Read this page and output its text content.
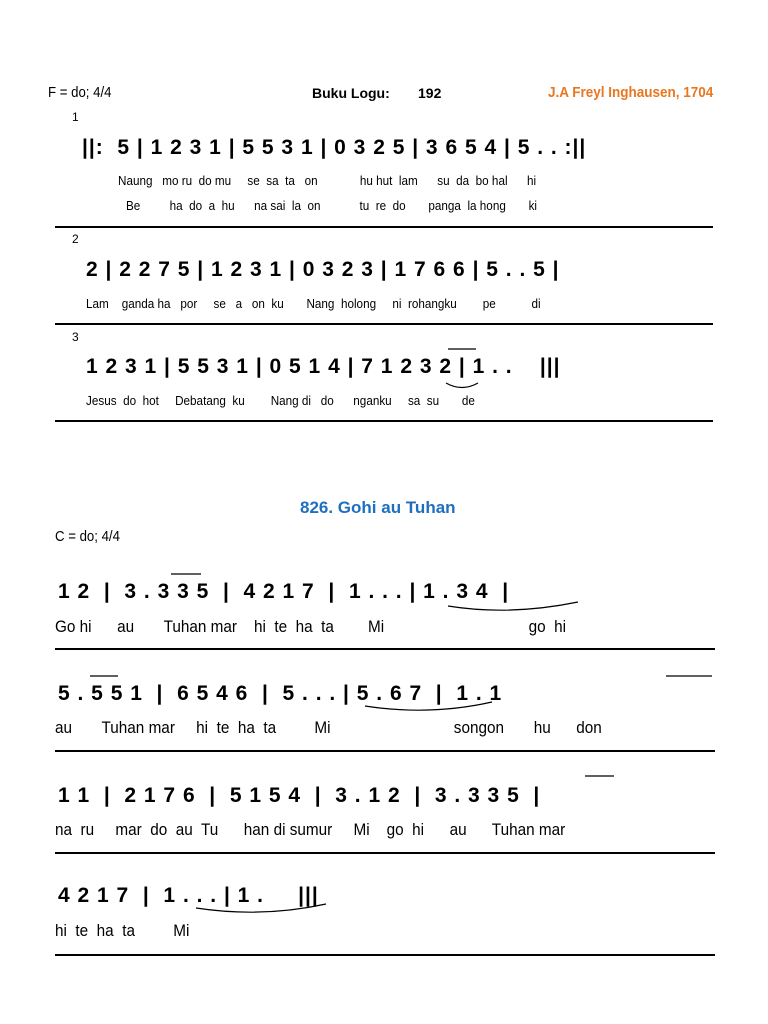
F = do; 4/4	Buku Logu: 192	J.A Freyl Inghausen, 1704
1
||:  5 | 1 2 3 1 | 5 5 3 1 | 0 3 2 5 | 3 6 5 4 | 5 . . :||
Naung   mo ru  do mu     se  sa  ta   on             hu hut  lam      su  da  bo hal      hi
Be         ha  do  a  hu      na sai  la  on            tu  re  do       panga  la hong       ki
2
2 | 2 2 7 5 | 1 2 3 1 | 0 3 2 3 | 1 7 6 6 | 5 . . 5 |
Lam    ganda ha   por     se   a   on  ku       Nang  holong     ni  rohangku        pe           di
3
1 2 3 1 | 5 5 3 1 | 0 5 1 4 | 7 1 2 3 2 | 1 . .    |||
Jesus  do  hot     Debatang  ku        Nang di   do      nganku     sa  su       de
826. Gohi au Tuhan
C = do; 4/4
1 2  |  3 . 3 3 5  |  4 2 1 7  |  1 . . . | 1 . 3 4  |
Go hi      au       Tuhan mar    hi  te  ha  ta        Mi                                  go  hi
5 . 5 5 1  |  6 5 4 6  |  5 . . . | 5 . 6 7  |  1 . 1
au       Tuhan mar     hi  te  ha  ta         Mi                             songon       hu      don
1 1  |  2 1 7 6  |  5 1 5 4  |  3 . 1 2  |  3 . 3 3 5  |
na  ru     mar  do  au  Tu      han di sumur     Mi    go  hi      au      Tuhan mar
4 2 1 7  |  1 . . . | 1 .     |||
hi  te  ha  ta         Mi
